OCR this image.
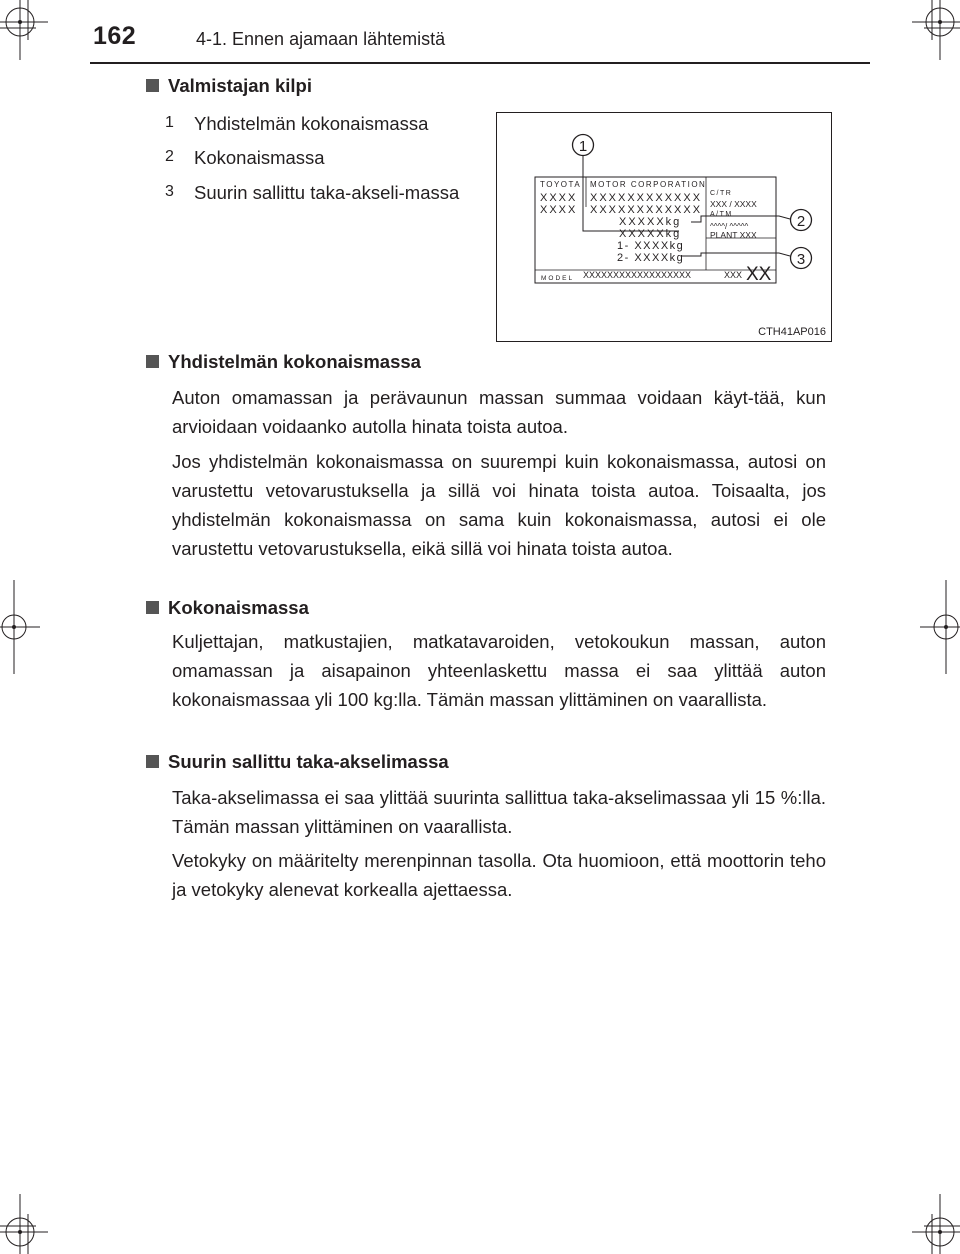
162	4-1. Ennen ajamaan lähtemistä
Valmistajan kilpi
1 Yhdistelmän kokonaismassa
2 Kokonaismassa
3 Suurin sallittu taka-akseli-massa	TOYOTA MOTOR CORPORATION
XXXX XXXXXXXXXXXX
XXXX XXXXXXXXXXXX
XXXXXkg
XXXXXkg
1- XXXXkg
2- XXXXkg
C/TR
XXX / XXXX
A/TM
^^^^/ ^^^^^
PLANT XXX
MODEL XXXXXXXXXXXXXXXXXX	XXX XX
1
2
3
CTH41AP016
Yhdistelmän kokonaismassa
Auton omamassan ja perävaunun massan summaa voidaan käyt-tää, kun arvioidaan voidaanko autolla hinata toista autoa.
Jos yhdistelmän kokonaismassa on suurempi kuin kokonaismassa, autosi on varustettu vetovarustuksella ja sillä voi hinata toista autoa. Toisaalta, jos yhdistelmän kokonaismassa on sama kuin kokonaismassa, autosi ei ole varustettu vetovarustuksella, eikä sillä voi hinata toista autoa.
Kokonaismassa
Kuljettajan, matkustajien, matkatavaroiden, vetokoukun massan, auton omamassan ja aisapainon yhteenlaskettu massa ei saa ylittää auton kokonaismassaa yli 100 kg:lla. Tämän massan ylittäminen on vaarallista.
Suurin sallittu taka-akselimassa
Taka-akselimassa ei saa ylittää suurinta sallittua taka-akselimassaa yli 15 %:lla. Tämän massan ylittäminen on vaarallista.
Vetokyky on määritelty merenpinnan tasolla. Ota huomioon, että moottorin teho ja vetokyky alenevat korkealla ajettaessa.
